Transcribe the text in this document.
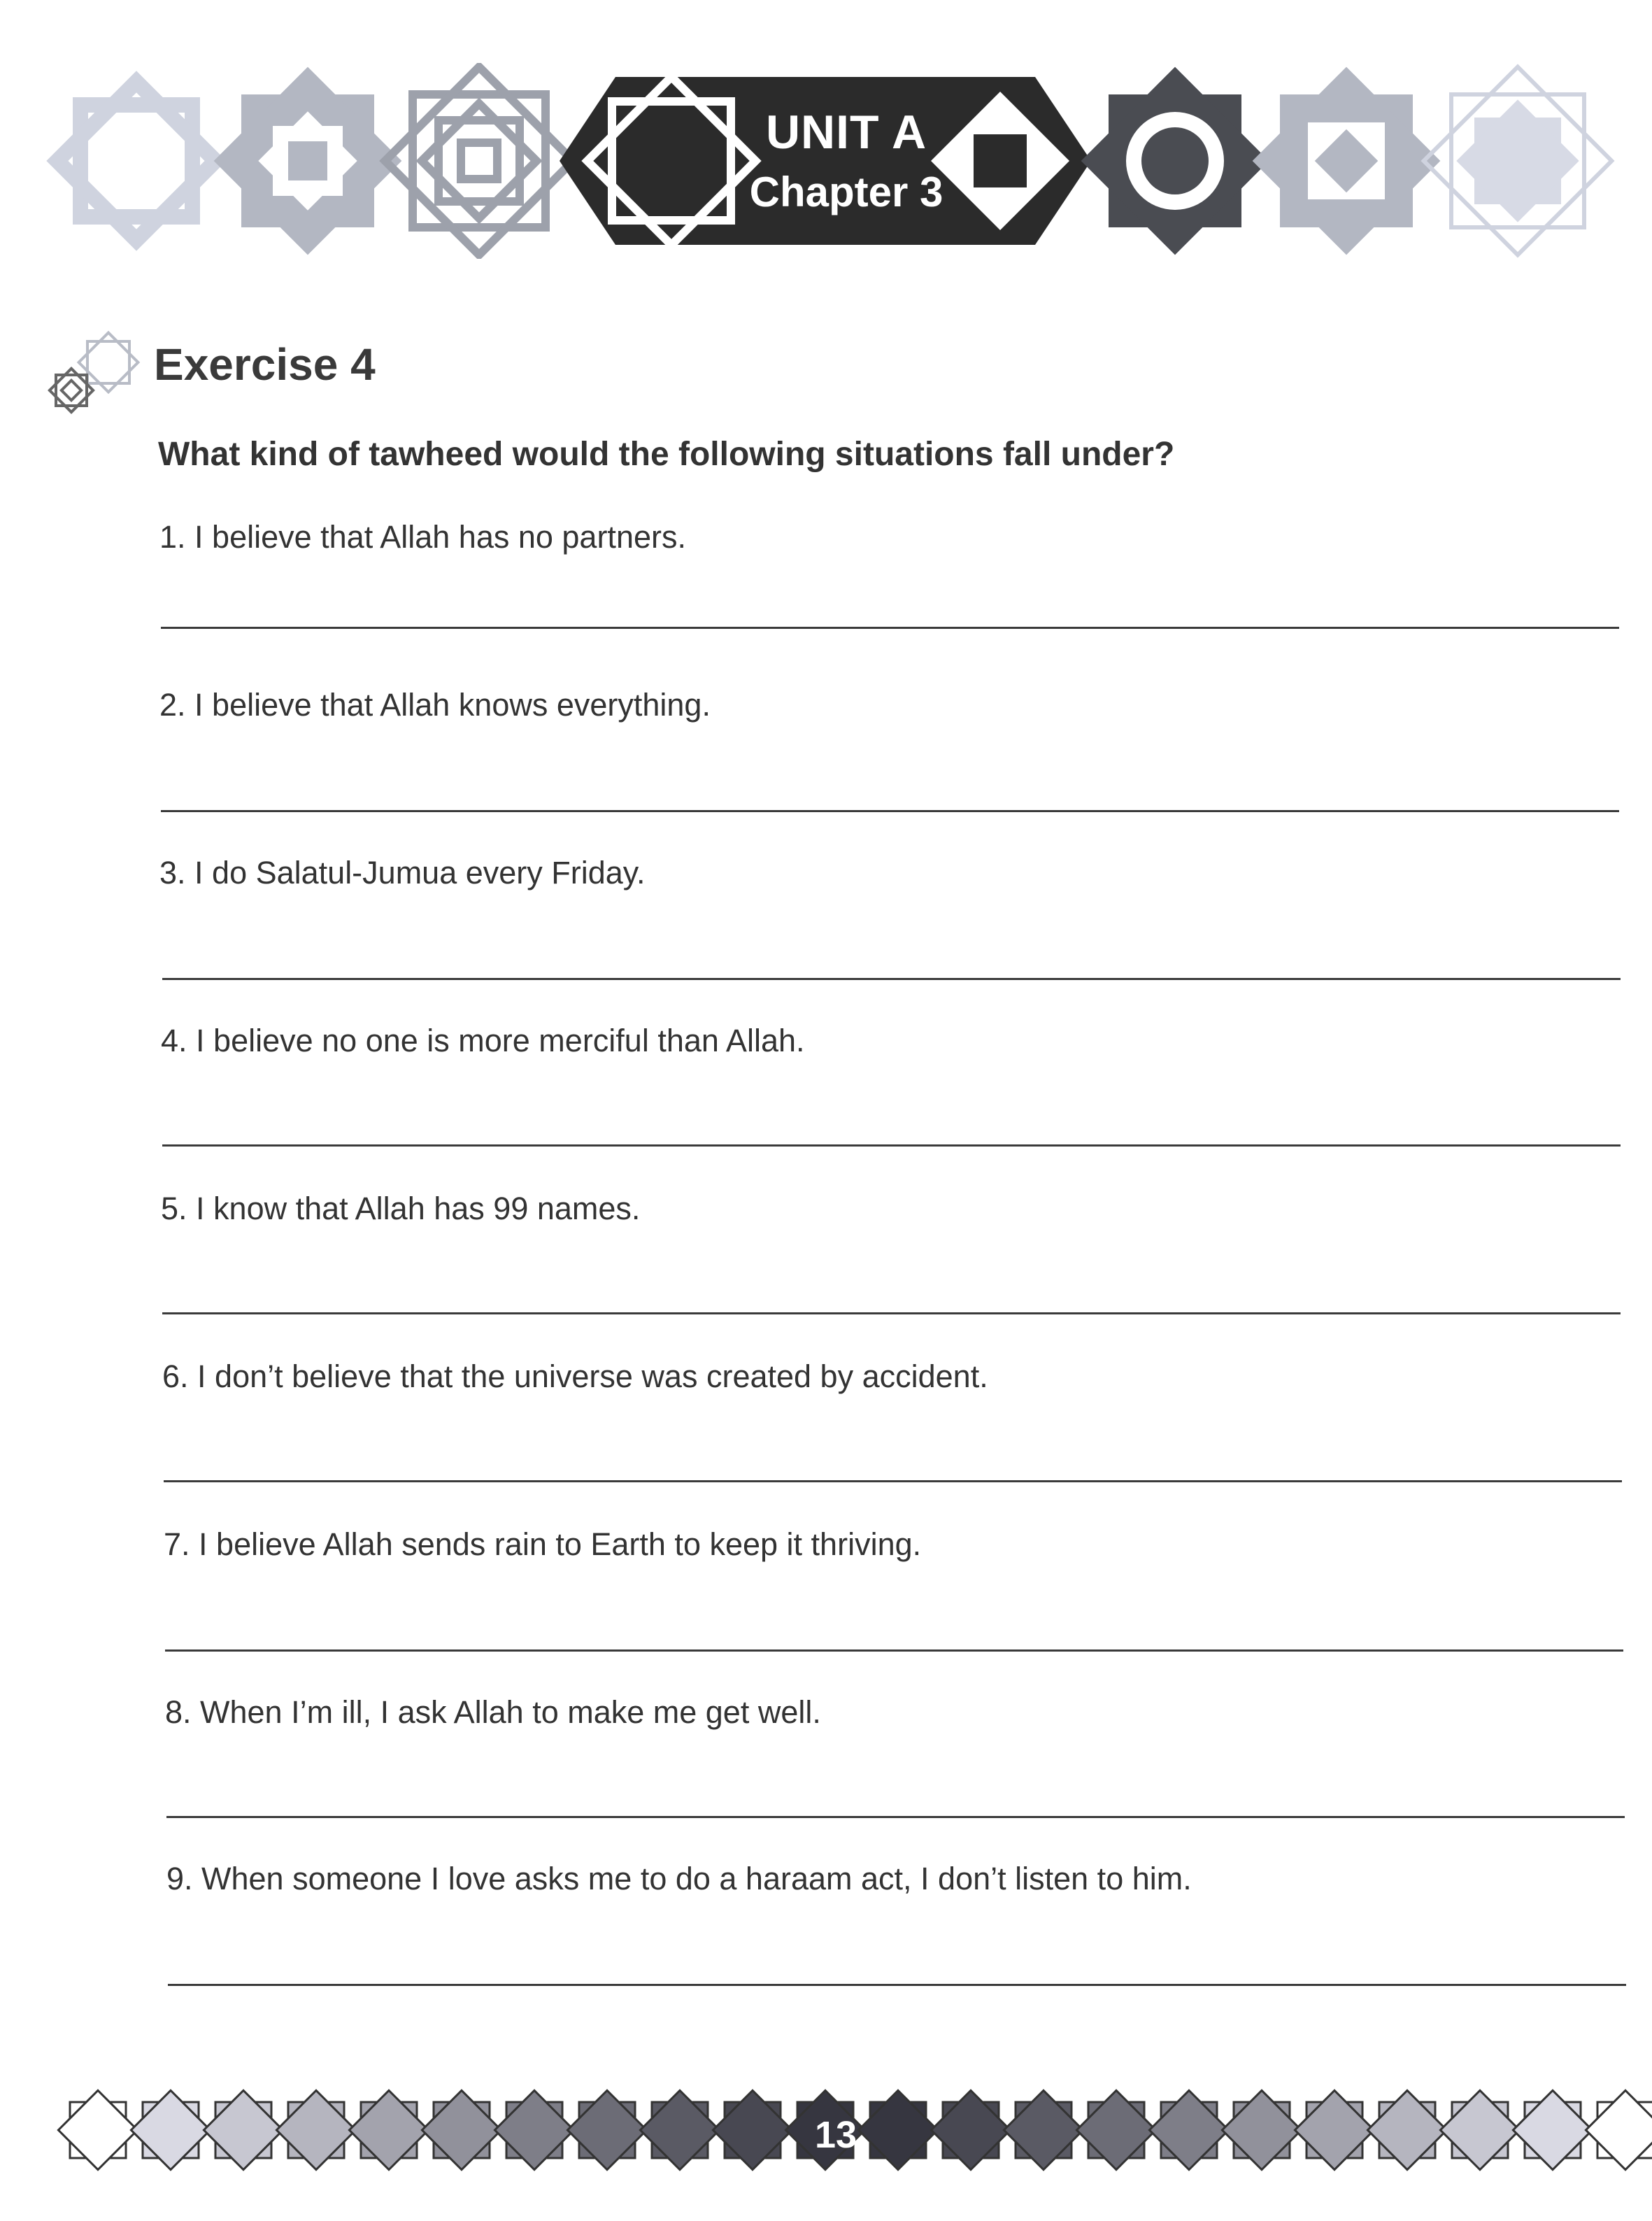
UNIT A
Chapter 3
Exercise 4
What kind of tawheed would the following situations fall under?
1. I believe that Allah has no partners.
2. I believe that Allah knows everything.
3. I do Salatul-Jumua every Friday.
4. I believe no one is more merciful than Allah.
5. I know that Allah has 99 names.
6. I don’t believe that the universe was created by accident.
7. I believe Allah sends rain to Earth to keep it thriving.
8. When I’m ill, I ask Allah to make me get well.
9. When someone I love asks me to do a haraam act, I don’t listen to him.
13
